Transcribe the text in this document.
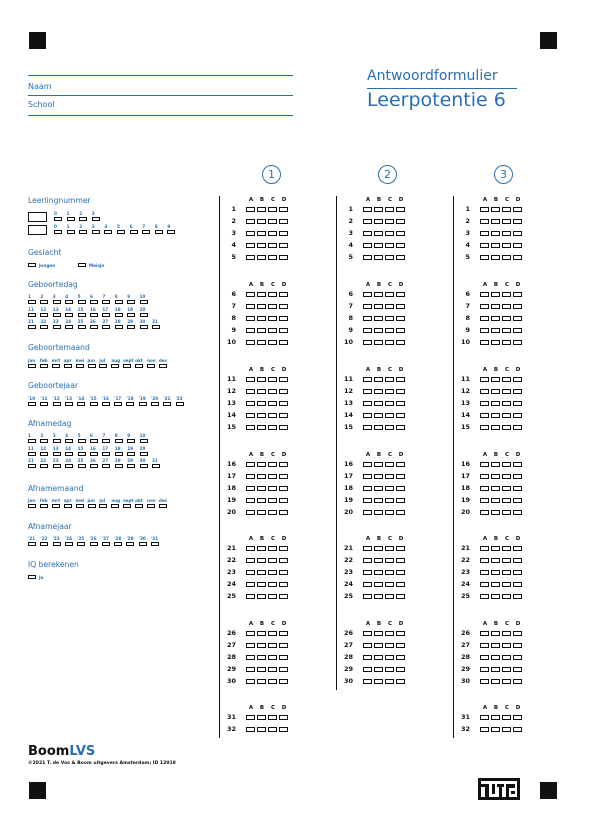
Naam
School
Antwoordformulier
Leerpotentie 6
Leerlingnummer
0 1 2 3
0 1 2 3 4 5 6 7 8 9
Geslacht
Jongen	Meisje
Geboortedag
1 2 3 4 5 6 7 8 9 10
11 12 13 14 15 16 17 18 19 20
21 22 23 24 25 26 27 28 29 30 31
Geboortemaand
jan feb mrt apr mei jun jul aug sept okt nov dec
Geboortejaar
'10 '11 '12 '13 '14 '15 '16 '17 '18 '19 '20 '21 '22
Afnamedag
1 2 3 4 5 6 7 8 9 10
11 12 13 14 15 16 17 18 19 20
21 22 23 24 25 26 27 28 29 30 31
Afnamemaand
jan feb mrt apr mei jun jul aug sept okt nov dec
Afnamejaar
'21 '22 '23 '24 '25 '26 '27 '28 '29 '30 '31
IQ berekenen
Ja
1
A	B	C	D
1
2
3
4
5
A	B	C	D
6
7
8
9
10
A	B	C	D
11
12
13
14
15
A	B	C	D
16
17
18
19
20
A	B	C	D
21
22
23
24
25
A	B	C	D
26
27
28
29
30
A	B	C	D
31
32
2
A	B	C	D
1
2
3
4
5
A	B	C	D
6
7
8
9
10
A	B	C	D
11
12
13
14
15
A	B	C	D
16
17
18
19
20
A	B	C	D
21
22
23
24
25
A	B	C	D
26
27
28
29
30
3
A	B	C	D
1
2
3
4
5
A	B	C	D
6
7
8
9
10
A	B	C	D
11
12
13
14
15
A	B	C	D
16
17
18
19
20
A	B	C	D
21
22
23
24
25
A	B	C	D
26
27
28
29
30
A	B	C	D
31
32
BoomLVS
©2021 T. de Vos & Boom uitgevers Amsterdam; ID 12918
